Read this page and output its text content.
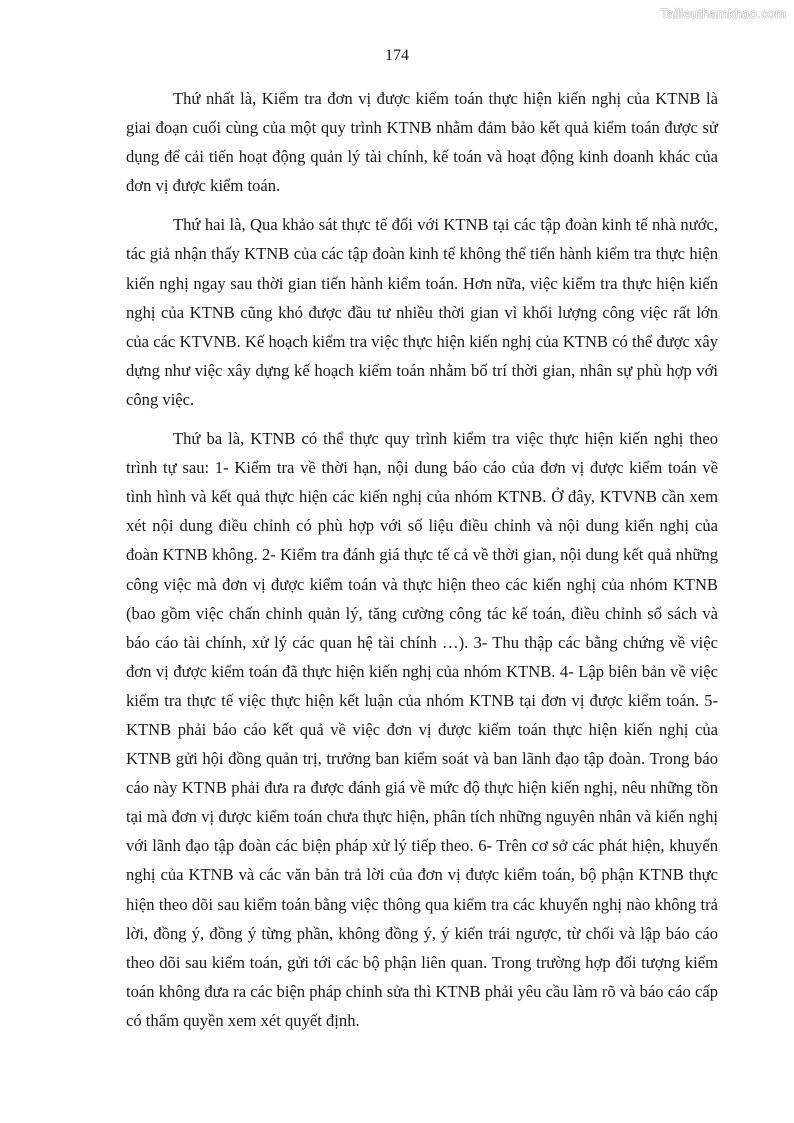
Tailieuthamkhao.com
174

Thứ nhất là, Kiểm tra đơn vị được kiểm toán thực hiện kiến nghị của KTNB là giai đoạn cuối cùng của một quy trình KTNB nhằm đảm bảo kết quả kiểm toán được sử dụng để cải tiến hoạt động quản lý tài chính, kế toán và hoạt động kinh doanh khác của đơn vị được kiểm toán.

Thứ hai là, Qua khảo sát thực tế đối với KTNB tại các tập đoàn kinh tế nhà nước, tác giả nhận thấy KTNB của các tập đoàn kinh tế không thể tiến hành kiểm tra thực hiện kiến nghị ngay sau thời gian tiến hành kiểm toán. Hơn nữa, việc kiểm tra thực hiện kiến nghị của KTNB cũng khó được đầu tư nhiều thời gian vì khối lượng công việc rất lớn của các KTVNB. Kế hoạch kiểm tra việc thực hiện kiến nghị của KTNB có thể được xây dựng như việc xây dựng kế hoạch kiểm toán nhằm bố trí thời gian, nhân sự phù hợp với công việc.

Thứ ba là, KTNB có thể thực quy trình kiểm tra việc thực hiện kiến nghị theo trình tự sau: 1- Kiểm tra về thời hạn, nội dung báo cáo của đơn vị được kiểm toán về tình hình và kết quả thực hiện các kiến nghị của nhóm KTNB. Ở đây, KTVNB cần xem xét nội dung điều chỉnh có phù hợp với số liệu điều chỉnh và nội dung kiến nghị của đoàn KTNB không. 2- Kiểm tra đánh giá thực tế cả về thời gian, nội dung kết quả những công việc mà đơn vị được kiểm toán và thực hiện theo các kiến nghị của nhóm KTNB (bao gồm việc chấn chỉnh quản lý, tăng cường công tác kế toán, điều chỉnh sổ sách và báo cáo tài chính, xử lý các quan hệ tài chính …). 3- Thu thập các bằng chứng về việc đơn vị được kiểm toán đã thực hiện kiến nghị của nhóm KTNB. 4- Lập biên bản về việc kiểm tra thực tế việc thực hiện kết luận của nhóm KTNB tại đơn vị được kiểm toán. 5- KTNB phải báo cáo kết quả về việc đơn vị được kiểm toán thực hiện kiến nghị của KTNB gửi hội đồng quản trị, trưởng ban kiểm soát và ban lãnh đạo tập đoàn. Trong báo cáo này KTNB phải đưa ra được đánh giá về mức độ thực hiện kiến nghị, nêu những tồn tại mà đơn vị được kiểm toán chưa thực hiện, phân tích những nguyên nhân và kiến nghị với lãnh đạo tập đoàn các biện pháp xử lý tiếp theo. 6- Trên cơ sở các phát hiện, khuyến nghị của KTNB và các văn bản trả lời của đơn vị được kiểm toán, bộ phận KTNB thực hiện theo dõi sau kiểm toán bằng việc thông qua kiểm tra các khuyến nghị nào không trả lời, đồng ý, đồng ý từng phần, không đồng ý, ý kiến trái ngược, từ chối và lập báo cáo theo dõi sau kiểm toán, gửi tới các bộ phận liên quan. Trong trường hợp đối tượng kiểm toán không đưa ra các biện pháp chỉnh sửa thì KTNB phải yêu cầu làm rõ và báo cáo cấp có thẩm quyền xem xét quyết định.
